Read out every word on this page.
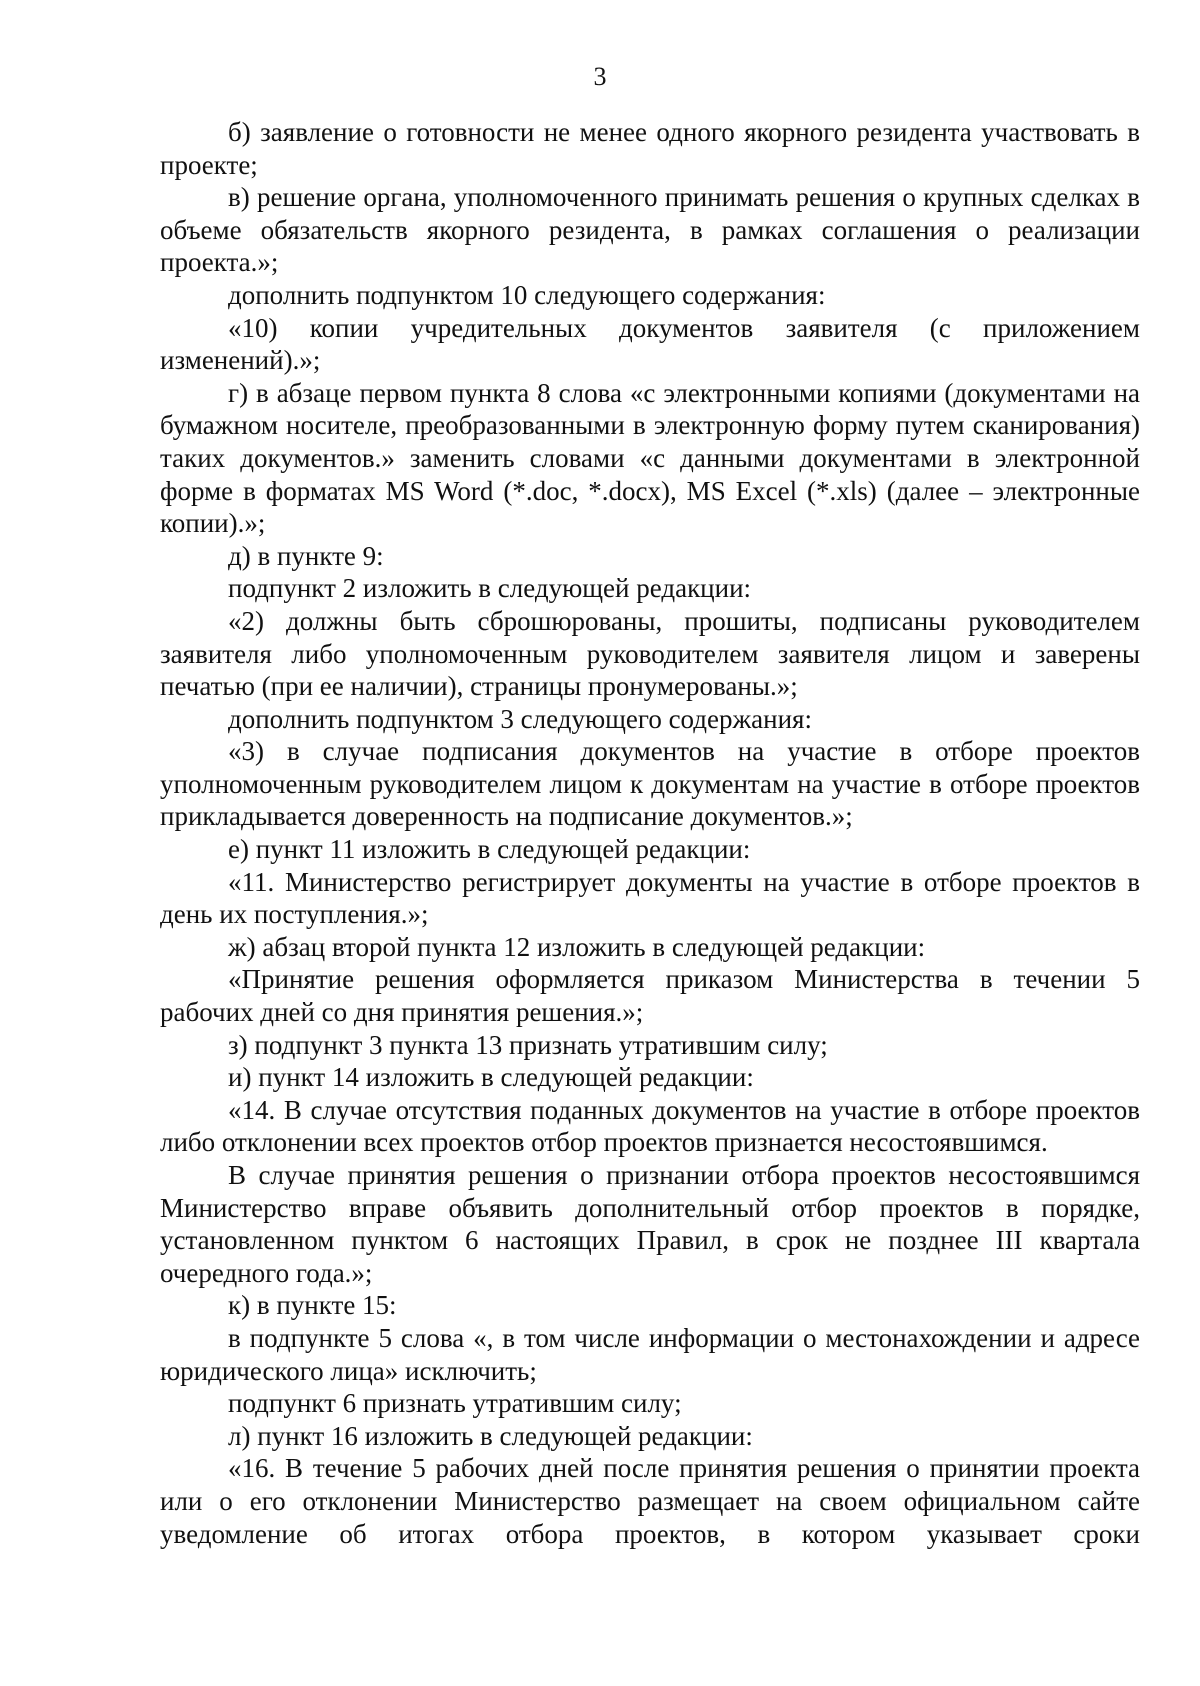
3

б) заявление о готовности не менее одного якорного резидента участвовать в проекте;

в) решение органа, уполномоченного принимать решения о крупных сделках в объеме обязательств якорного резидента, в рамках соглашения о реализации проекта.»;

дополнить подпунктом 10 следующего содержания:

«10) копии учредительных документов заявителя (с приложением изменений).»;

г) в абзаце первом пункта 8 слова «с электронными копиями (документами на бумажном носителе, преобразованными в электронную форму путем сканирования) таких документов.» заменить словами «с данными документами в электронной форме в форматах MS Word (*.doc, *.docx), MS Excel (*.xls) (далее – электронные копии).»;

д) в пункте 9:

подпункт 2 изложить в следующей редакции:

«2) должны быть сброшюрованы, прошиты, подписаны руководителем заявителя либо уполномоченным руководителем заявителя лицом и заверены печатью (при ее наличии), страницы пронумерованы.»;

дополнить подпунктом 3 следующего содержания:

«3) в случае подписания документов на участие в отборе проектов уполномоченным руководителем лицом к документам на участие в отборе проектов прикладывается доверенность на подписание документов.»;

е) пункт 11 изложить в следующей редакции:

«11. Министерство регистрирует документы на участие в отборе проектов в день их поступления.»;

ж) абзац второй пункта 12 изложить в следующей редакции:

«Принятие решения оформляется приказом Министерства в течении 5 рабочих дней со дня принятия решения.»;

з) подпункт 3 пункта 13 признать утратившим силу;

и) пункт 14 изложить в следующей редакции:

«14. В случае отсутствия поданных документов на участие в отборе проектов либо отклонении всех проектов отбор проектов признается несостоявшимся.

В случае принятия решения о признании отбора проектов несостоявшимся Министерство вправе объявить дополнительный отбор проектов в порядке, установленном пунктом 6 настоящих Правил, в срок не позднее III квартала очередного года.»;

к) в пункте 15:

в подпункте 5 слова «, в том числе информации о местонахождении и адресе юридического лица» исключить;

подпункт 6 признать утратившим силу;

л) пункт 16 изложить в следующей редакции:

«16. В течение 5 рабочих дней после принятия решения о принятии проекта или о его отклонении Министерство размещает на своем официальном сайте уведомление об итогах отбора проектов, в котором указывает сроки
